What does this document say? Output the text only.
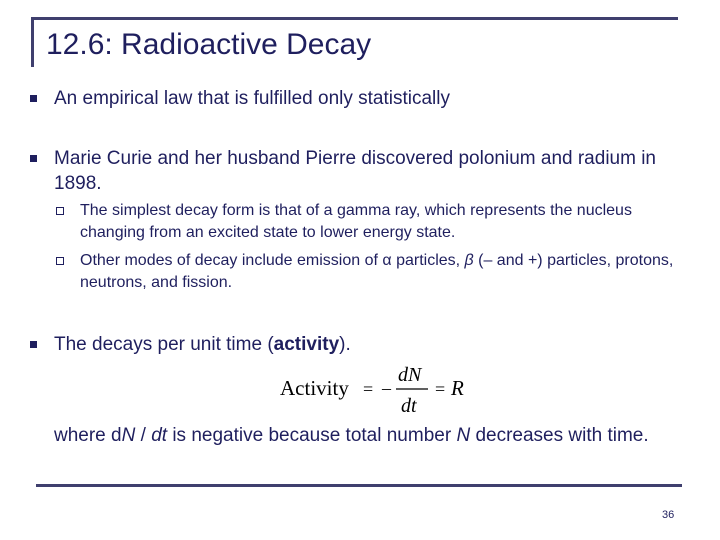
12.6: Radioactive Decay
An empirical law that is fulfilled only statistically
Marie Curie and her husband Pierre discovered polonium and radium in 1898.
The simplest decay form is that of a gamma ray, which represents the nucleus changing from an excited state to lower energy state.
Other modes of decay include emission of α particles, β (– and +) particles, protons, neutrons, and fission.
The decays per unit time (activity).
Activity = –
dN
dt
= R
where dN / dt is negative because total number N decreases with time.
36
